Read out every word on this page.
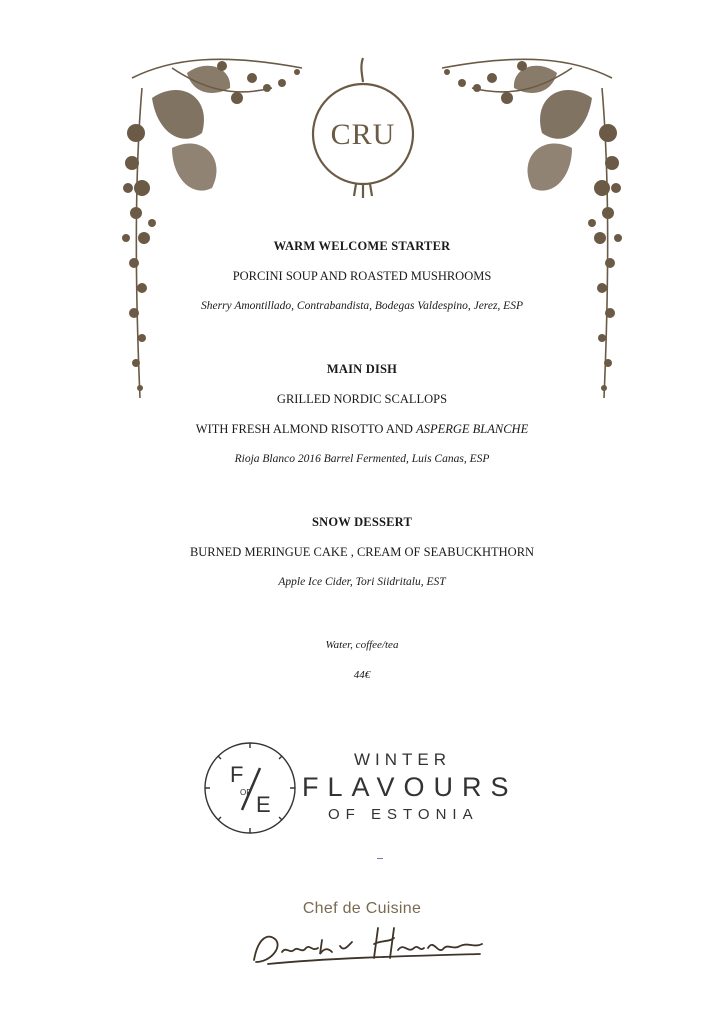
CRU
WARM WELCOME STARTER
PORCINI SOUP AND ROASTED MUSHROOMS
Sherry Amontillado, Contrabandista, Bodegas Valdespino, Jerez, ESP
MAIN DISH
GRILLED NORDIC SCALLOPS
WITH FRESH ALMOND RISOTTO AND ASPERGE BLANCHE
Rioja Blanco 2016 Barrel Fermented, Luis Canas, ESP
SNOW DESSERT
BURNED MERINGUE CAKE , CREAM OF SEABUCKHTHORN
Apple Ice Cider, Tori Siidritalu, EST
Water, coffee/tea
44€
F
OF E
WINTER
FLAVOURS
OF ESTONIA
Chef de Cuisine
